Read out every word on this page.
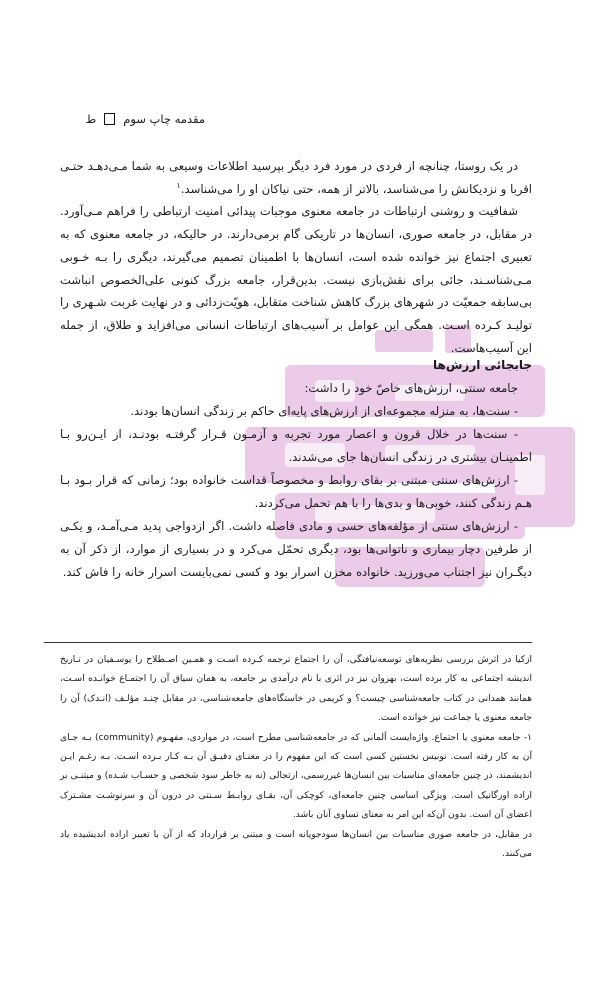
مقدمه چاپ سوم
ط

در یک روستا، چنانچه از فردی در مورد فرد دیگر بپرسید اطلاعات وسیعی به شما مـی‌دهـد حتـی اقربا و نزدیکانش را می‌شناسد، بالاتر از همه، حتی نیاکان او را می‌شناسد.$^۱$

شفافیت و روشنی ارتباطات در جامعه معنوی موجبات پیدائی امنیت ارتباطی را فراهم مـی‌آورد. در مقابل، در جامعه صوری، انسان‌ها در تاریکی گام برمی‌دارند. در حالیکه، در جامعه معنوی که به تعبیری اجتماع نیز خوانده شده است، انسان‌ها با اطمینان تصمیم می‌گیرند، دیگری را بـه خـوبی مـی‌شناسـند، جائی برای نقش‌بازی نیست. بدین‌قرار، جامعه بزرگ کنونی علی‌الخصوص انباشت بی‌سابقه جمعیّت در شهرهای بزرگ کاهش شناخت متقابل، هویّت‌زدائی و در نهایت غربت شـهری را تولیـد کـرده اسـت. همگی این عوامل بر آسیب‌های ارتباطات انسانی می‌افزاید و طلاق، از جمله این آسیب‌هاست.

جابجائی ارزش‌ها

جامعه سنتی، ارزش‌های خاصّ خود را داشت:

- سنت‌ها، به منزله مجموعه‌ای از ارزش‌های پایه‌ای حاکم بر زندگی انسان‌ها بودند.

- سنت‌ها در خلال قرون و اعصار مورد تجربه و آزمـون قـرار گرفتـه بودنـد، از ایـن‌رو بـا اطمینـان بیشتری در زندگی انسان‌ها جای می‌شدند.

- ارزش‌های سنتی مبتنی بر بقای روابط و مخصوصاً قداست خانواده بود؛ زمانی که قرار بـود بـا هـم زندگی کنند، خوبی‌ها و بدی‌ها را با هم تحمل می‌کردند.

- ارزش‌های سنتی از مؤلفه‌های حسی و مادی فاصله داشت. اگر ازدواجی پدید مـی‌آمـد، و یکـی از طرفین دچار بیماری و ناتوانی‌ها بود، دیگری تحمّل می‌کرد و در بسیاری از موارد، از ذکر آن به دیگـران نیز اجتناب می‌ورزید. خانواده مخزن اسرار بود و کسی نمی‌بایست اسرار خانه را فاش کند.

ازکیا در اثرش بررسی نظریه‌های توسعه‌نیافتگی، آن را اجتماع ترجمه کـرده اسـت و همـین اصـطلاح را یوسـفیان در تـاریخ اندیشه اجتماعی به کار برده است، بهروان نیز در اثری با نام درآمدی بر جامعه، به همان سیاق آن را اجتمـاع خوانـده اسـت، همانند همدانی در کتاب جامعه‌شناسی چیست؟ و کریمی در خاستگاه‌های جامعه‌شناسی، در مقابل چنـد مؤلـف (انـدک) آن را جامعه معنوی یا جماعت نیز خوانده است.

۱- جامعه معنوی یا اجتماع. واژه‌ایست آلمانی که در جامعه‌شناسی مطرح است، در مواردی، مفهـوم (community) بـه جـای آن به کار رفته است. تونیس نخستین کسی است که این مفهوم را در معنـای دقیـق آن بـه کـار بـرده اسـت. بـه رغـم ایـن اندیشمند، در چنین جامعه‌ای مناسبات بین انسان‌ها غیررسمی، ارتجالی (نه به خاطر سود شخصی و حسـاب شـده) و مبتنـی بر اراده اورگانیک است. ویژگی اساسی چنین جامعه‌ای، کوچکی آن، بقـای روابـط سـنتی در درون آن و سرنوشـت مشـترک اعضای آن است. بدون آن‌که این امر به معنای تساوی آنان باشد.

در مقابل، در جامعه صوری مناسبات بین انسان‌ها سودجویانه است و مبتنی بر قرارداد که از آن با تعبیر اراده اندیشیده یاد می‌کنند.
